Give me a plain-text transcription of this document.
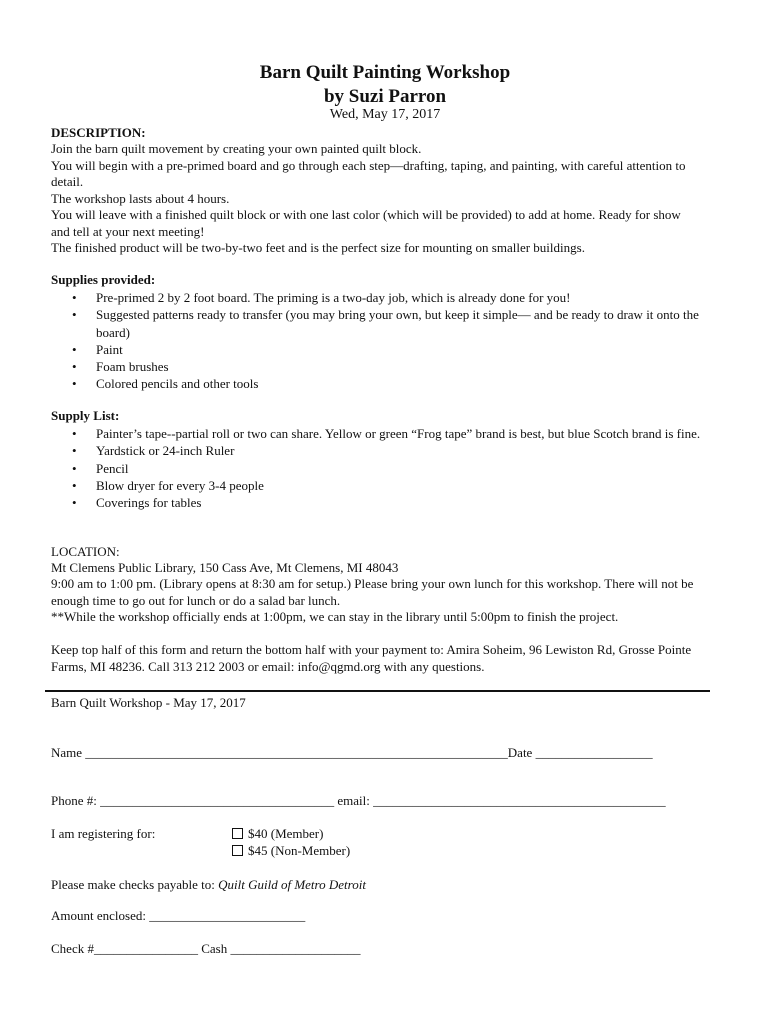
Barn Quilt Painting Workshop
by Suzi Parron
Wed, May 17, 2017
DESCRIPTION:
Join the barn quilt movement by creating your own painted quilt block.
You will begin with a pre-primed board and go through each step—drafting, taping, and painting, with careful attention to detail.
The workshop lasts about 4 hours.
You will leave with a finished quilt block or with one last color (which will be provided) to add at home. Ready for show and tell at your next meeting!
The finished product will be two-by-two feet and is the perfect size for mounting on smaller buildings.
Supplies provided:
• Pre-primed 2 by 2 foot board. The priming is a two-day job, which is already done for you!
• Suggested patterns ready to transfer (you may bring your own, but keep it simple— and be ready to draw it onto the board)
• Paint
• Foam brushes
• Colored pencils and other tools
Supply List:
• Painter’s tape--partial roll or two can share. Yellow or green “Frog tape” brand is best, but blue Scotch brand is fine.
• Yardstick or 24-inch Ruler
• Pencil
• Blow dryer for every 3-4 people
• Coverings for tables
LOCATION:
Mt Clemens Public Library, 150 Cass Ave, Mt Clemens, MI 48043
9:00 am to 1:00 pm. (Library opens at 8:30 am for setup.) Please bring your own lunch for this workshop. There will not be enough time to go out for lunch or do a salad bar lunch.
**While the workshop officially ends at 1:00pm, we can stay in the library until 5:00pm to finish the project.
Keep top half of this form and return the bottom half with your payment to: Amira Soheim, 96 Lewiston Rd, Grosse Pointe Farms, MI 48236. Call 313 212 2003 or email: info@qgmd.org with any questions.
Barn Quilt Workshop - May 17, 2017
Name _________________________________________________________________Date __________________
Phone #: ____________________________________ email: _____________________________________________
I am registering for:	$40 (Member)
$45 (Non-Member)
Please make checks payable to: Quilt Guild of Metro Detroit
Amount enclosed: ________________________
Check #________________ Cash ____________________
